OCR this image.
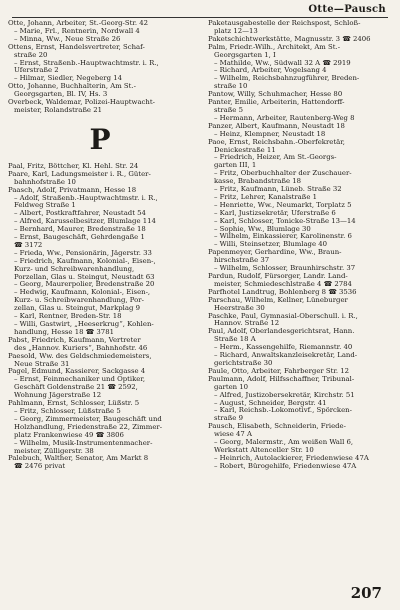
Otte—Pausch
Otte, Johann, Arbeiter, St.-Georg-Str. 42
– Marie, Frl., Rentnerin, Nordwall 4
– Minna, Ww., Neue Straße 26
Ottens, Ernst, Handelsvertreter, Schaf-
straße 20
– Ernst, Straßenb.-Hauptwachtmstr. i. R.,
Uferstraße 2
– Hilmar, Siedler, Negeberg 14
Otto, Johanne, Buchhalterin, Am St.-
Georgsgarten, Bl. IV, Hs. 3
Overbeck, Waldemar, Polizei-Hauptwacht-
meister, Rolandstraße 21
P
Paal, Fritz, Böttcher, Kl. Hehl. Str. 24
Paare, Karl, Ladungsmeister i. R., Güter-
bahnhofstraße 10
Paasch, Adolf, Privatmann, Hesse 18
– Adolf, Straßenb.-Hauptwachtmstr. i. R.,
Feldweg Straße 1
– Albert, Postkraftfahrer, Neustadt 54
– Alfred, Karusselbesitzer, Blumlage 114
– Bernhard, Maurer, Bredenstraße 18
– Ernst, Baugeschäft, Gehrdengaße 1
☎ 3172
– Frieda, Ww., Pensionärin, Jägerstr. 33
– Friedrich, Kaufmann, Kolonial-, Eisen-,
Kurz- und Schreibwarenhandlung,
Porzellan, Glas u. Steingut, Neustadt 63
– Georg, Maurerpolier, Bredenstraße 20
– Hedwig, Kaufmann, Kolonial-, Eisen-,
Kurz- u. Schreibwarenhandlung, Por-
zellan, Glas u. Steingut, Markplag 9
– Karl, Rentner, Breden-Str. 18
– Willi, Gastwirt, „Heeserkrug“, Kohlen-
handlung, Hesse 18 ☎ 3781
Pabst, Friedrich, Kaufmann, Vertreter
des „Hannov. Kuriers“, Bahnhofstr. 46
Paesold, Ww. des Geldschmiedemeisters,
Neue Straße 31
Pagel, Edmund, Kassierer, Sackgasse 4
– Ernst, Feinmechaniker und Optiker,
Geschäft Goldenstraße 21 ☎ 2592,
Wohnung Jägerstraße 12
Pahlmann, Ernst, Schlosser, Lüßstr. 5
– Fritz, Schlosser, Lüßstraße 5
– Georg, Zimmermeister, Baugeschäft und
Holzhandlung, Friedenstraße 22, Zimmer-
platz Frankenwiese 49 ☎ 3806
– Wilhelm, Musik-Instrumentenmacher-
meister, Zülligerstr. 38
Palebuch, Walther, Senator, Am Markt 8
☎ 2476 privat
Paketausgabestelle der Reichspost, Schloß-
platz 12—13
Paketschichtwerkstätte, Magnusstr. 3 ☎ 2406
Palm, Friedr.-Wilh., Architekt, Am St.-
Georgsgarten 1, I
– Mathilde, Ww., Südwall 32 A ☎ 2919
– Richard, Arbeiter, Vogelsang 4
– Wilhelm, Reichsbahnzugführer, Breden-
straße 10
Pantow, Willy, Schuhmacher, Hesse 80
Panter, Emilie, Arbeiterin, Hattendorff-
straße 5
– Hermann, Arbeiter, Rautenberg-Weg 8
Panzer, Albert, Kaufmann, Neustadt 18
– Heinz, Klempner, Neustadt 18
Paoe, Ernst, Reichsbahn.-Oberfekretär,
Denickestraße 11
– Friedrich, Heizer, Am St.-Georgs-
garten III, 1
– Fritz, Oberbuchhalter der Zuschauer-
kasse, Brabandstraße 18
– Fritz, Kaufmann, Lüneb. Straße 32
– Fritz, Lehrer, Kanalstraße 1
– Henriette, Ww., Neumarkt, Torplatz 5
– Karl, Justizsekretär, Uferstraße 6
– Karl, Schlosser, Tonicke-Straße 13—14
– Sophie, Ww., Blumlage 30
– Wilhelm, Einkassierer, Karolinenstr. 6
– Willi, Steinsetzer, Blumlage 40
Papenmeyer, Gerhardine, Ww., Braun-
hirschstraße 37
– Wilhelm, Schlosser, Braunhirschstr. 37
Pardun, Rudolf, Fürsorger, Landr. Land-
meister, Schmiedeschlstraße 4 ☎ 2784
Parfhotel Landtrug, Bohlenberg 8 ☎ 3536
Parschau, Wilhelm, Kellner, Lüneburger
Heerstraße 30
Paschke, Paul, Gymnasial-Oberschull. i. R.,
Hannov. Straße 12
Paul, Adolf, Oberlandesgerichtsrat, Hann.
Straße 18 A
– Herm., Kassengehilfe, Riemannstr. 40
– Richard, Anwaltskanzleisekretär, Land-
gerichtstraße 30
Paule, Otto, Arbeiter, Fahrberger Str. 12
Paulmann, Adolf, Hilfsschaffner, Tribunal-
garten 10
– Alfred, Justizobersekretär, Kirchstr. 51
– August, Schneider, Bergstr. 41
– Karl, Reichsb.-Lokomotivf., Spörcken-
straße 9
Pausch, Elisabeth, Schneiderin, Friede-
wiese 47 A
– Georg, Malermstr., Am weißen Wall 6,
Werkstatt Altenceller Str. 10
– Heinrich, Autolackierer, Friedenwiese 47A
– Robert, Bürogehilfe, Friedenwiese 47A
207
